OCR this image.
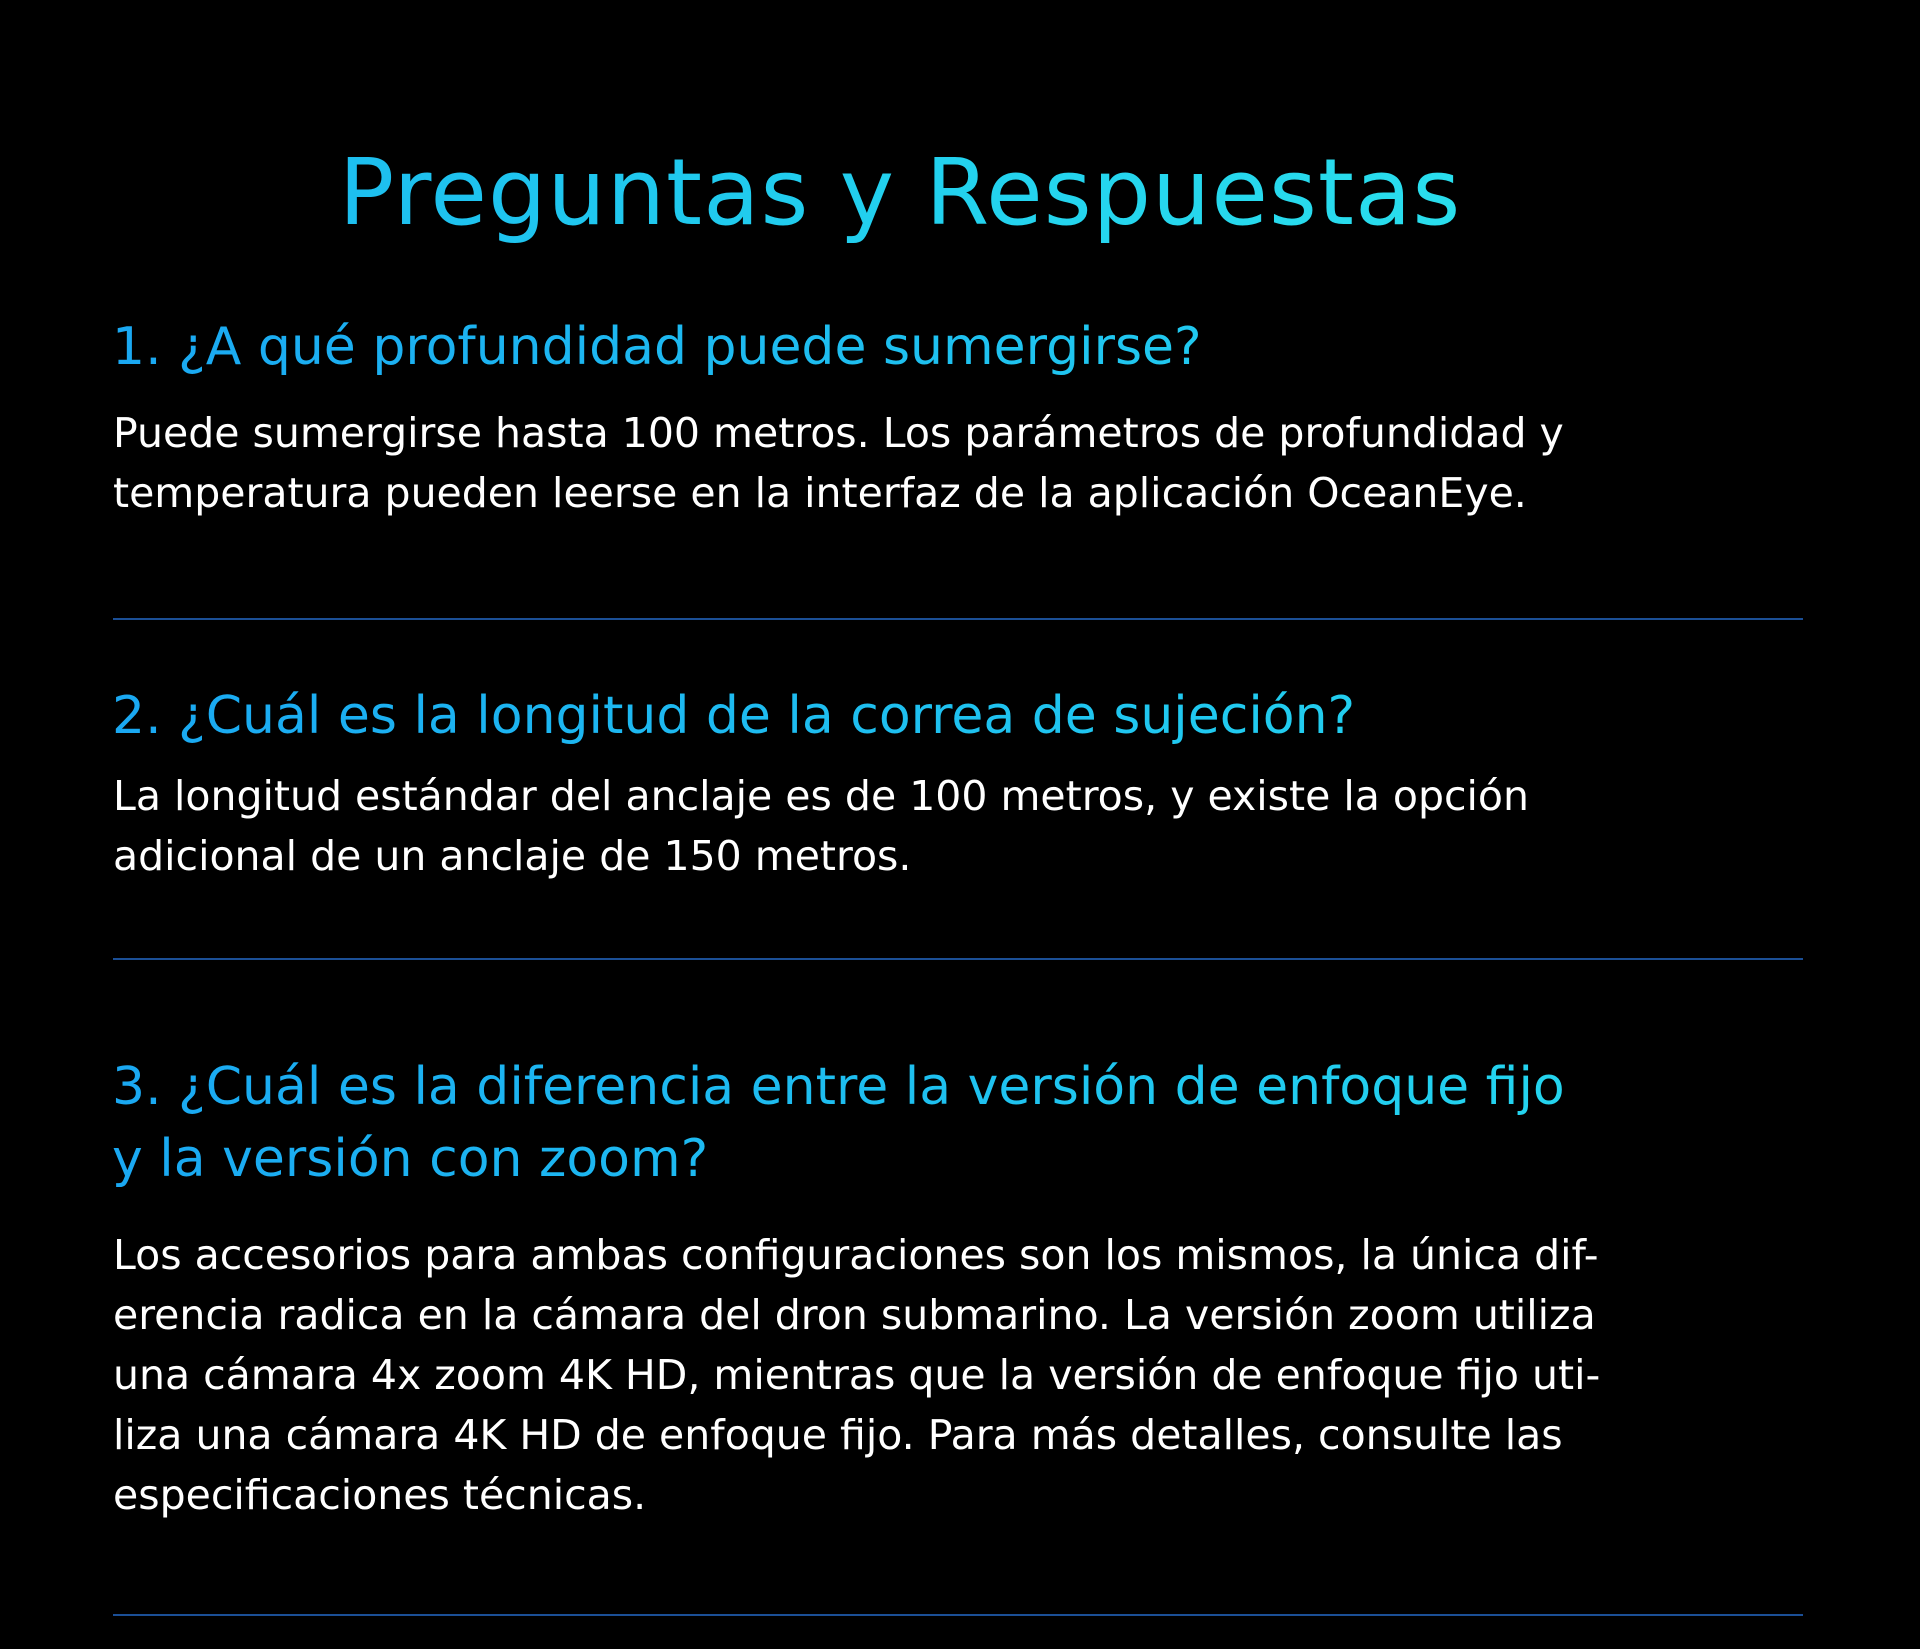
Preguntas y Respuestas
1. ¿A qué profundidad puede sumergirse?

Puede sumergirse hasta 100 metros. Los parámetros de profundidad y
temperatura pueden leerse en la interfaz de la aplicación OceanEye.

2. ¿Cuál es la longitud de la correa de sujeción?

La longitud estándar del anclaje es de 100 metros, y existe la opción
adicional de un anclaje de 150 metros.

3. ¿Cuál es la diferencia entre la versión de enfoque fijo
y la versión con zoom?

Los accesorios para ambas configuraciones son los mismos, la única dif-
erencia radica en la cámara del dron submarino. La versión zoom utiliza
una cámara 4x zoom 4K HD, mientras que la versión de enfoque fijo uti-
liza una cámara 4K HD de enfoque fijo. Para más detalles, consulte las
especificaciones técnicas.
